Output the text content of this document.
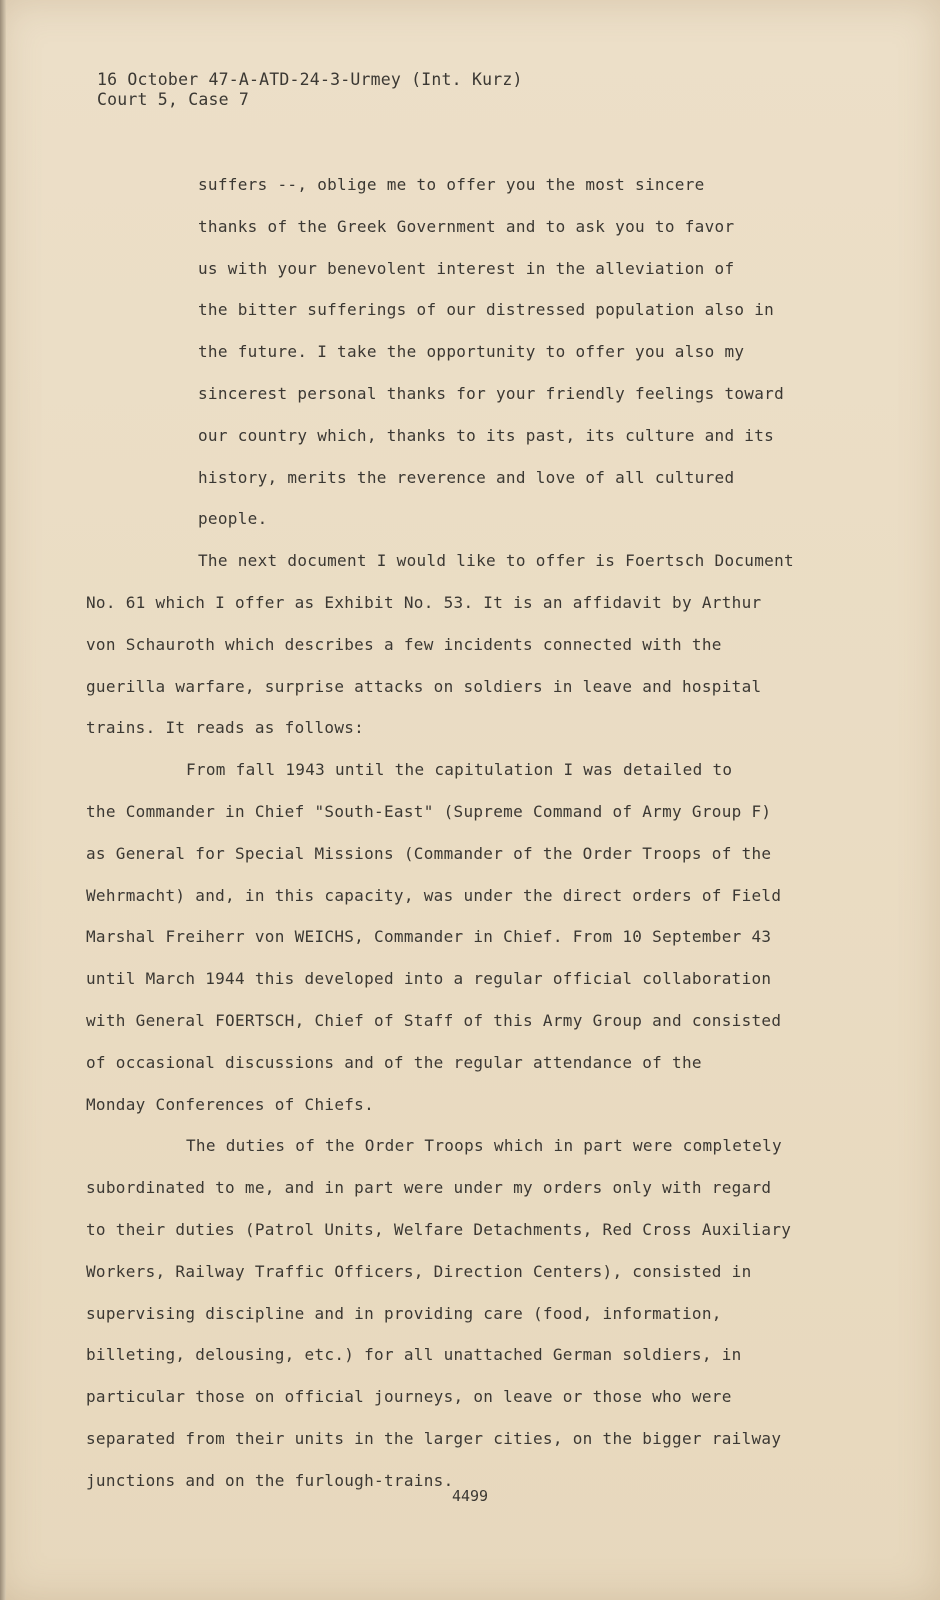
16 October 47-A-ATD-24-3-Urmey (Int. Kurz)
Court 5, Case 7
suffers --, oblige me to offer you the most sincere
thanks of the Greek Government and to ask you to favor
us with your benevolent interest in the alleviation of
the bitter sufferings of our distressed population also in
the future. I take the opportunity to offer you also my
sincerest personal thanks for your friendly feelings toward
our country which, thanks to its past, its culture and its
history, merits the reverence and love of all cultured
people.
The next document I would like to offer is Foertsch Document
No. 61 which I offer as Exhibit No. 53. It is an affidavit by Arthur
von Schauroth which describes a few incidents connected with the
guerilla warfare, surprise attacks on soldiers in leave and hospital
trains. It reads as follows:
From fall 1943 until the capitulation I was detailed to
the Commander in Chief "South-East" (Supreme Command of Army Group F)
as General for Special Missions (Commander of the Order Troops of the
Wehrmacht) and, in this capacity, was under the direct orders of Field
Marshal Freiherr von WEICHS, Commander in Chief. From 10 September 43
until March 1944 this developed into a regular official collaboration
with General FOERTSCH, Chief of Staff of this Army Group and consisted
of occasional discussions and of the regular attendance of the
Monday Conferences of Chiefs.
The duties of the Order Troops which in part were completely
subordinated to me, and in part were under my orders only with regard
to their duties (Patrol Units, Welfare Detachments, Red Cross Auxiliary
Workers, Railway Traffic Officers, Direction Centers), consisted in
supervising discipline and in providing care (food, information,
billeting, delousing, etc.) for all unattached German soldiers, in
particular those on official journeys, on leave or those who were
separated from their units in the larger cities, on the bigger railway
junctions and on the furlough-trains.
4499
